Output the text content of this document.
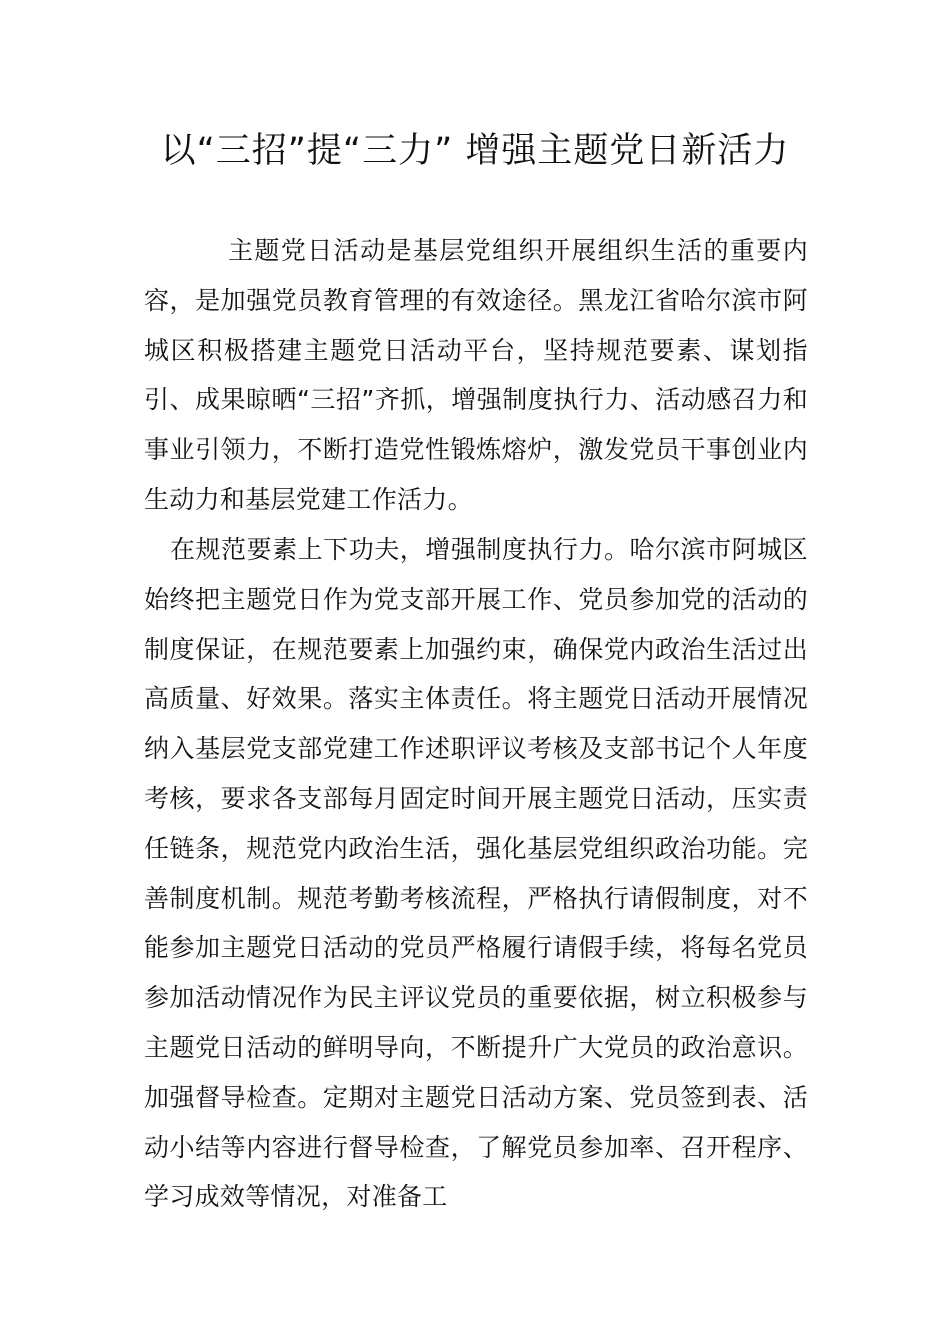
以“三招”提“三力” 增强主题党日新活力

主题党日活动是基层党组织开展组织生活的重要内容，是加强党员教育管理的有效途径。黑龙江省哈尔滨市阿城区积极搭建主题党日活动平台，坚持规范要素、谋划指引、成果晾晒“三招”齐抓，增强制度执行力、活动感召力和事业引领力，不断打造党性锻炼熔炉，激发党员干事创业内生动力和基层党建工作活力。

在规范要素上下功夫，增强制度执行力。哈尔滨市阿城区始终把主题党日作为党支部开展工作、党员参加党的活动的制度保证，在规范要素上加强约束，确保党内政治生活过出高质量、好效果。落实主体责任。将主题党日活动开展情况纳入基层党支部党建工作述职评议考核及支部书记个人年度考核，要求各支部每月固定时间开展主题党日活动，压实责任链条，规范党内政治生活，强化基层党组织政治功能。完善制度机制。规范考勤考核流程，严格执行请假制度，对不能参加主题党日活动的党员严格履行请假手续，将每名党员参加活动情况作为民主评议党员的重要依据，树立积极参与主题党日活动的鲜明导向，不断提升广大党员的政治意识。加强督导检查。定期对主题党日活动方案、党员签到表、活动小结等内容进行督导检查，了解党员参加率、召开程序、学习成效等情况，对准备工
